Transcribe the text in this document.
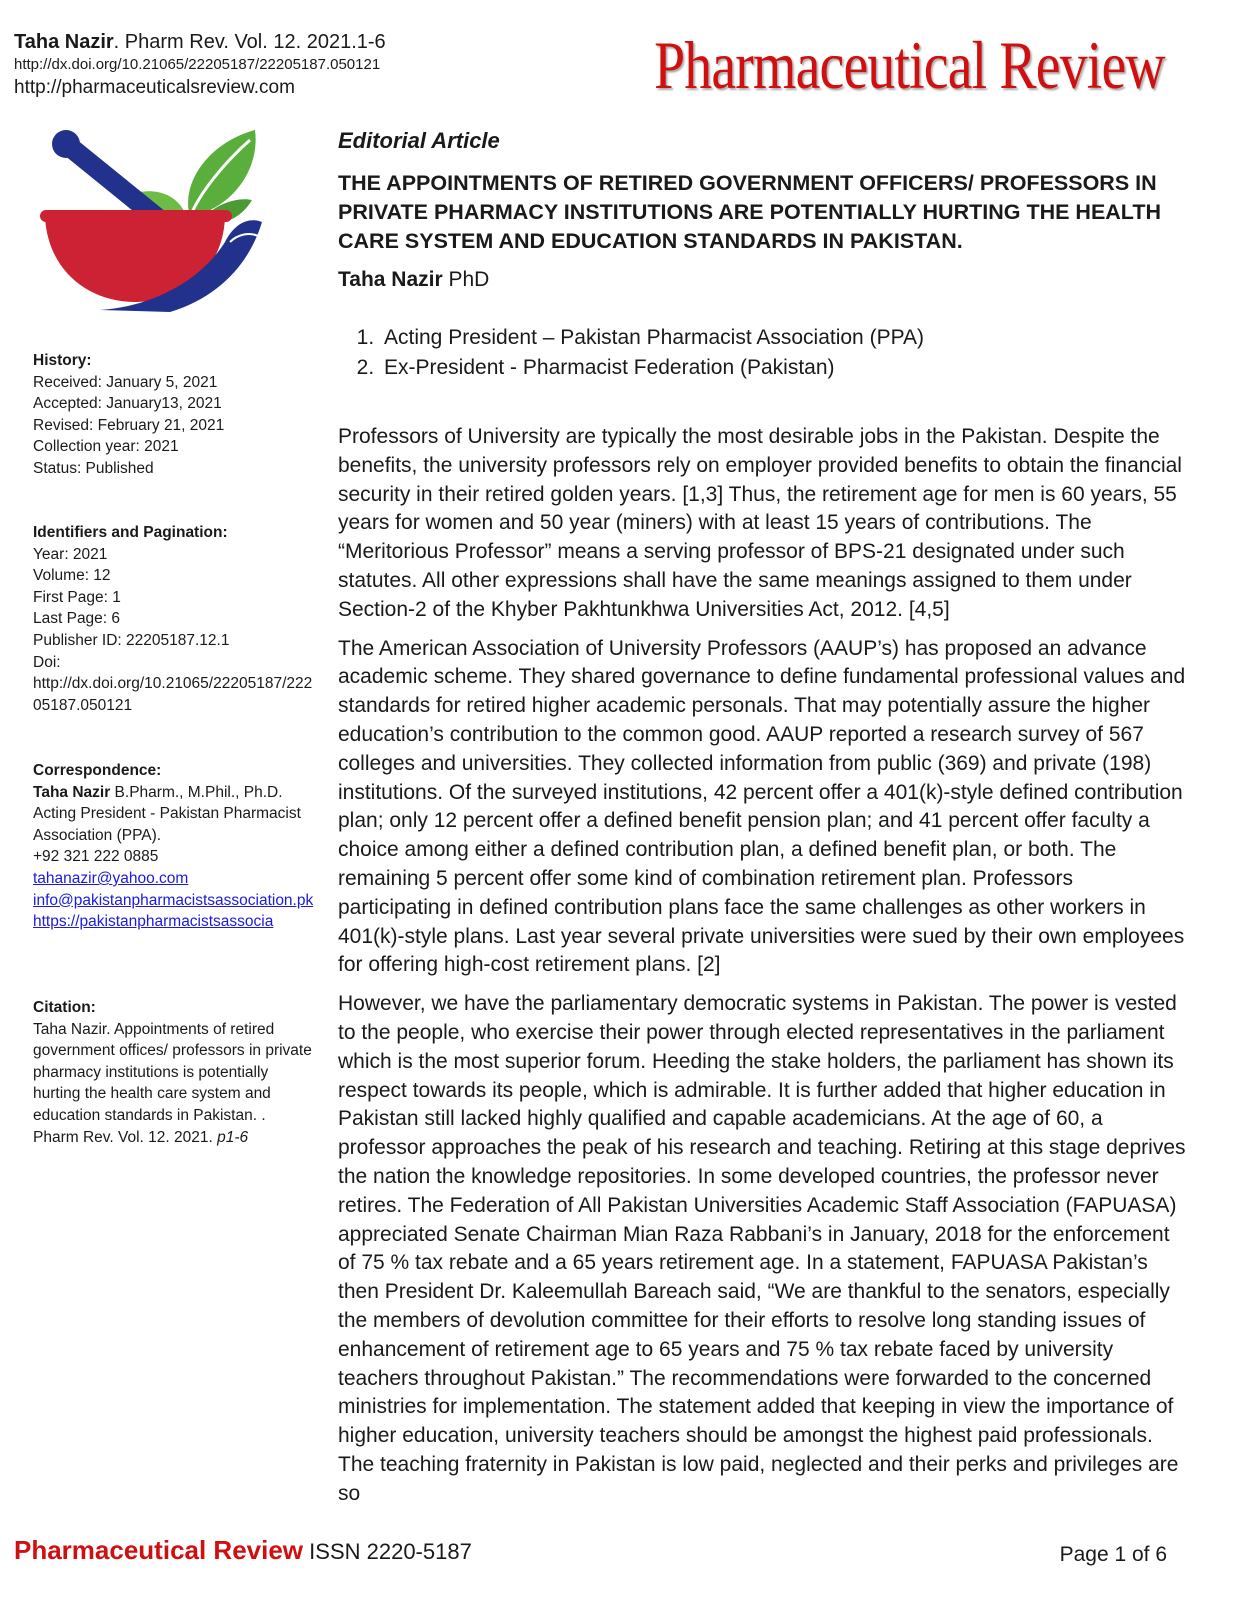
Taha Nazir. Pharm Rev. Vol. 12. 2021.1-6
http://dx.doi.org/10.21065/22205187/22205187.050121
http://pharmaceuticalsreview.com	Pharmaceutical Review
History:
Received: January 5, 2021
Accepted: January13, 2021
Revised: February 21, 2021
Collection year: 2021
Status: Published
Identifiers and Pagination:
Year: 2021
Volume: 12
First Page: 1
Last Page: 6
Publisher ID: 22205187.12.1
Doi:
http://dx.doi.org/10.21065/22205187/222
05187.050121
Correspondence:
Taha Nazir B.Pharm., M.Phil., Ph.D.
Acting President - Pakistan Pharmacist
Association (PPA).
+92 321 222 0885
tahanazir@yahoo.com
info@pakistanpharmacistsassociation.pk
https://pakistanpharmacistsassocia
Citation:
Taha Nazir. Appointments of retired
government offices/ professors in private
pharmacy institutions is potentially
hurting the health care system and
education standards in Pakistan. .
Pharm Rev. Vol. 12. 2021. p1-6
Editorial Article
THE APPOINTMENTS OF RETIRED GOVERNMENT OFFICERS/ PROFESSORS IN PRIVATE PHARMACY INSTITUTIONS ARE POTENTIALLY HURTING THE HEALTH CARE SYSTEM AND EDUCATION STANDARDS IN PAKISTAN.
Taha Nazir PhD
1. Acting President – Pakistan Pharmacist Association (PPA)
2. Ex-President - Pharmacist Federation (Pakistan)

Professors of University are typically the most desirable jobs in the Pakistan. Despite the benefits, the university professors rely on employer provided benefits to obtain the financial security in their retired golden years. [1,3] Thus, the retirement age for men is 60 years, 55 years for women and 50 year (miners) with at least 15 years of contributions. The “Meritorious Professor” means a serving professor of BPS-21 designated under such statutes. All other expressions shall have the same meanings assigned to them under Section-2 of the Khyber Pakhtunkhwa Universities Act, 2012. [4,5]

The American Association of University Professors (AAUP’s) has proposed an advance academic scheme. They shared governance to define fundamental professional values and standards for retired higher academic personals. That may potentially assure the higher education’s contribution to the common good. AAUP reported a research survey of 567 colleges and universities. They collected information from public (369) and private (198) institutions. Of the surveyed institutions, 42 percent offer a 401(k)-style defined contribution plan; only 12 percent offer a defined benefit pension plan; and 41 percent offer faculty a choice among either a defined contribution plan, a defined benefit plan, or both. The remaining 5 percent offer some kind of combination retirement plan. Professors participating in defined contribution plans face the same challenges as other workers in 401(k)-style plans. Last year several private universities were sued by their own employees for offering high-cost retirement plans. [2]

However, we have the parliamentary democratic systems in Pakistan. The power is vested to the people, who exercise their power through elected representatives in the parliament which is the most superior forum. Heeding the stake holders, the parliament has shown its respect towards its people, which is admirable. It is further added that higher education in Pakistan still lacked highly qualified and capable academicians. At the age of 60, a professor approaches the peak of his research and teaching. Retiring at this stage deprives the nation the knowledge repositories. In some developed countries, the professor never retires. The Federation of All Pakistan Universities Academic Staff Association (FAPUASA) appreciated Senate Chairman Mian Raza Rabbani’s in January, 2018 for the enforcement of 75 % tax rebate and a 65 years retirement age. In a statement, FAPUASA Pakistan’s then President Dr. Kaleemullah Bareach said, “We are thankful to the senators, especially the members of devolution committee for their efforts to resolve long standing issues of enhancement of retirement age to 65 years and 75 % tax rebate faced by university teachers throughout Pakistan.” The recommendations were forwarded to the concerned ministries for implementation. The statement added that keeping in view the importance of higher education, university teachers should be amongst the highest paid professionals. The teaching fraternity in Pakistan is low paid, neglected and their perks and privileges are so

Pharmaceutical Review ISSN 2220-5187	Page 1 of 6
